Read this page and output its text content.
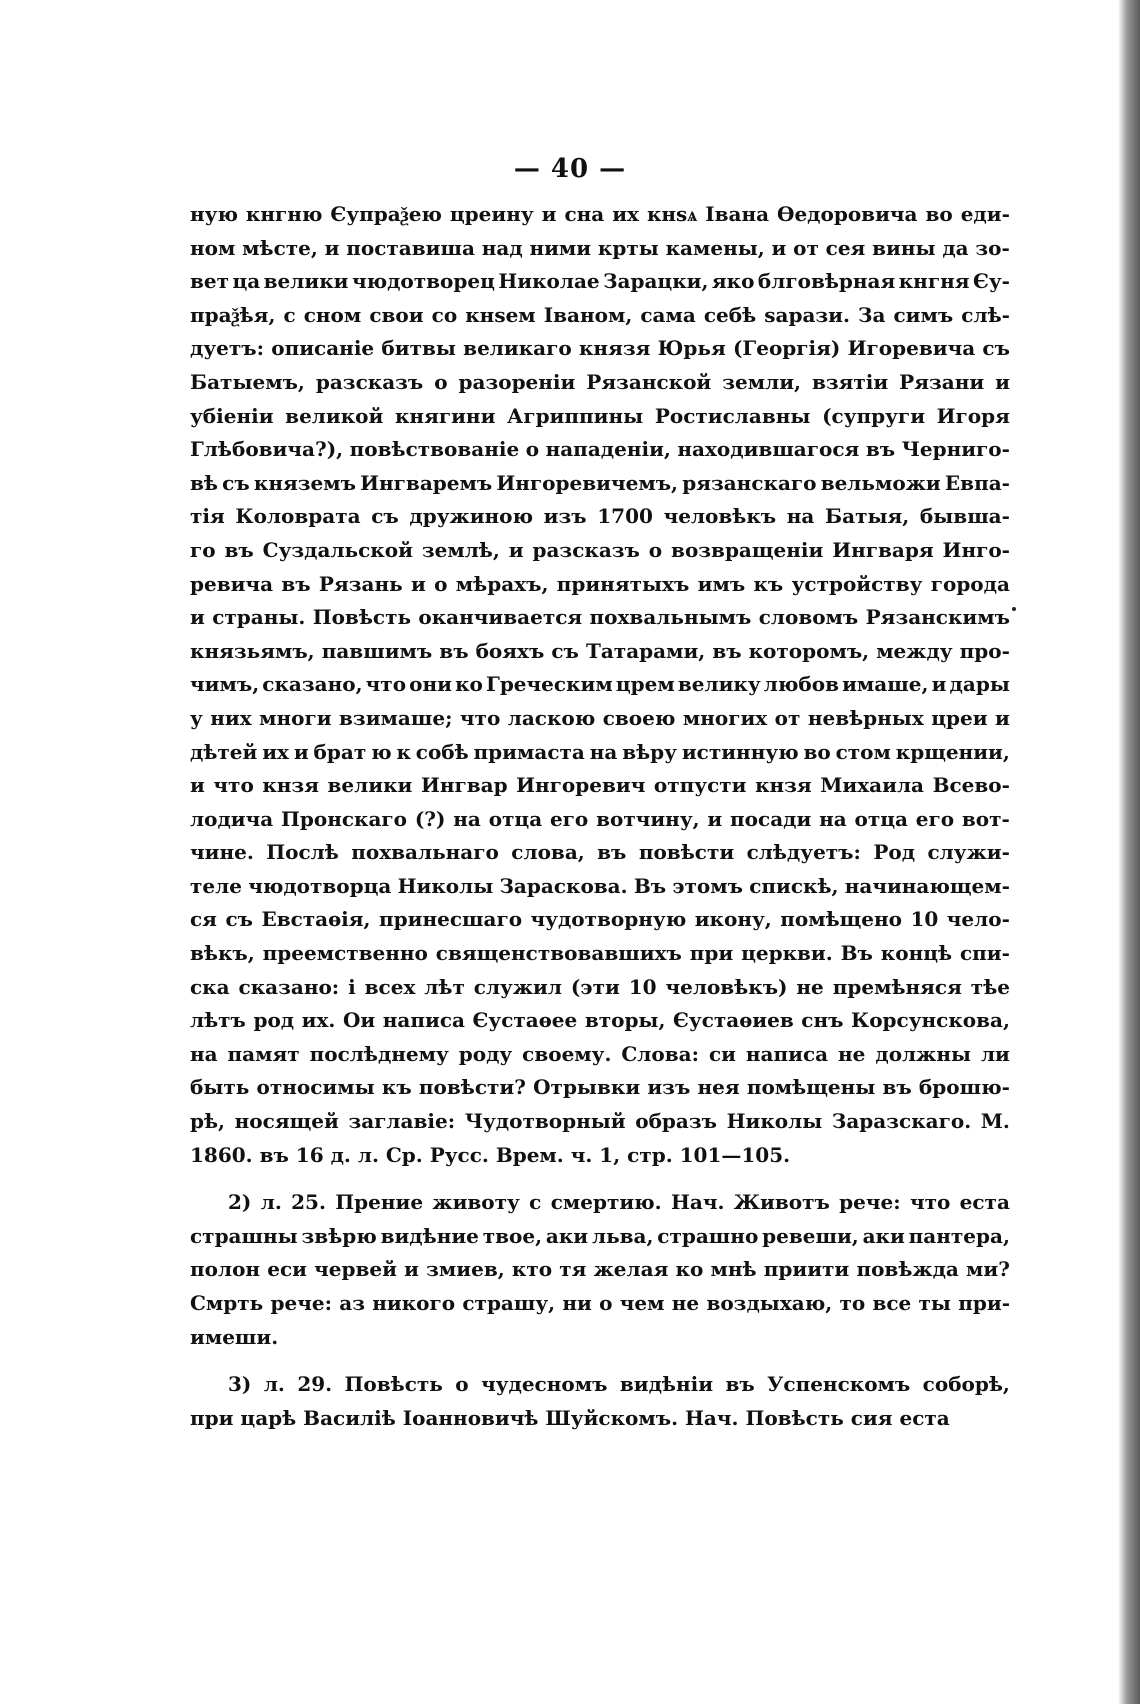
— 40 —
ную кнгню Єупраѯею цреину и сна их кнѕѧ Івана Ѳедоровича во еди-
ном мѣсте, и поставиша над ними крты камены, и от сея вины да зо-
вет ца велики чюдотворец Николае Зарацки, яко блговѣрная кнгня Єу-
праѯѣя, с сном свои со кнѕем Іваном, сама себѣ ѕарази. За симъ слѣ-
дуетъ: описаніе битвы великаго князя Юрья (Георгія) Игоревича съ
Батыемъ, разсказъ о разореніи Рязанской земли, взятіи Рязани и
убіеніи великой княгини Агриппины Ростиславны (супруги Игоря
Глѣбовича?), повѣствованіе о нападеніи, находившагося въ Черниго-
вѣ съ княземъ Ингваремъ Ингоревичемъ, рязанскаго вельможи Евпа-
тія Коловрата съ дружиною изъ 1700 человѣкъ на Батыя, бывша-
го въ Суздальской землѣ, и разсказъ о возвращеніи Ингваря Инго-
ревича въ Рязань и о мѣрахъ, принятыхъ имъ къ устройству города
и страны. Повѣсть оканчивается похвальнымъ словомъ Рязанскимъ
князьямъ, павшимъ въ бояхъ съ Татарами, въ которомъ, между про-
чимъ, сказано, что они ко Греческим црем велику любов имаше, и дары
у них многи взимаше; что ласкою своею многих от невѣрных цреи и
дѣтей их и брат ю к собѣ примаста на вѣру истинную во стом крщении,
и что кнзя велики Ингвар Ингоревич отпусти кнзя Михаила Всево-
лодича Пронскаго (?) на отца его вотчину, и посади на отца его вот-
чине. Послѣ похвальнаго слова, въ повѣсти слѣдуетъ: Род служи-
теле чюдотворца Николы Зараскова. Въ этомъ спискѣ, начинающем-
ся съ Евстаѳія, принесшаго чудотворную икону, помѣщено 10 чело-
вѣкъ, преемственно священствовавшихъ при церкви. Въ концѣ спи-
ска сказано: і всех лѣт служил (эти 10 человѣкъ) не премѣняся тѣе
лѣтъ род их. Ои написа Єустаѳее вторы, Єустаѳиев снъ Корсунскова,
на памят послѣднему роду своему. Слова: си написа не должны ли
быть относимы къ повѣсти? Отрывки изъ нея помѣщены въ брошю-
рѣ, носящей заглавіе: Чудотворный образъ Николы Заразскаго. М.
1860. въ 16 д. л. Ср. Русс. Врем. ч. 1, стр. 101—105.
2) л. 25. Прение животу с смертию. Нач. Животъ рече: что еста
страшны звѣрю видѣние твое, аки льва, страшно ревеши, аки пантера,
полон еси червей и змиев, кто тя желая ко мнѣ приити повѣжда ми?
Смрть рече: аз никого страшу, ни о чем не воздыхаю, то все ты при-
имеши.
3) л. 29. Повѣсть о чудесномъ видѣніи въ Успенскомъ соборѣ,
при царѣ Василіѣ Іоанновичѣ Шуйскомъ. Нач. Повѣсть сия еста
